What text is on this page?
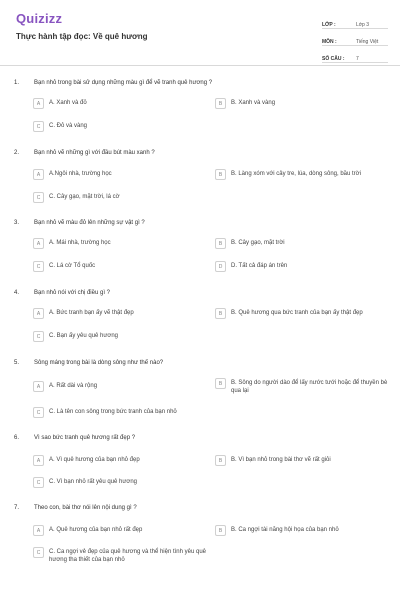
Quizizz
Thực hành tập đọc: Về quê hương
LỚP :	Lớp 3
MÔN :	Tiếng Việt
SỐ CÂU :	7
1. Bạn nhỏ trong bài sử dụng những màu gì để vẽ tranh quê hương ?
A	A. Xanh và đỏ	B	B. Xanh và vàng
C	C. Đỏ và vàng
2. Bạn nhỏ vẽ những gì với đầu bút màu xanh ?
A	A.Ngôi nhà, trường học	B	B. Làng xóm với cây tre, lúa, dòng sông, bầu trời
C	C. Cây gạo, mặt trời, lá cờ
3. Bạn nhỏ vẽ màu đỏ lên những sự vật gì ?
A	A. Mái nhà, trường học	B	B. Cây gạo, mặt trời
C	C. Lá cờ Tổ quốc	D	D. Tất cả đáp án trên
4. Bạn nhỏ nói với chị điều gì ?
A	A. Bức tranh bạn ấy vẽ thật đẹp	B	B. Quê hương qua bức tranh của bạn ấy thật đẹp
C	C. Bạn ấy yêu quê hương
5. Sông máng trong bài là dòng sông như thế nào?
A	A. Rất dài và rộng	B	B. Sông do người dào để lấy nước tưới hoặc để thuyền bè qua lại
C	C. Là tên con sông trong bức tranh của bạn nhỏ
6. Vì sao bức tranh quê hương rất đẹp ?
A	A. Vì quê hương của bạn nhỏ đẹp	B	B. Vì bạn nhỏ trong bài thơ vẽ rất giỏi
C	C. Vì bạn nhỏ rất yêu quê hương
7. Theo con, bài thơ nói lên nội dung gì ?
A	A. Quê hương của bạn nhỏ rất đẹp	B	B. Ca ngợi tài năng hội họa của bạn nhỏ
C	C. Ca ngợi vẻ đẹp của quê hương và thể hiện tình yêu quê hương tha thiết của bạn nhỏ
